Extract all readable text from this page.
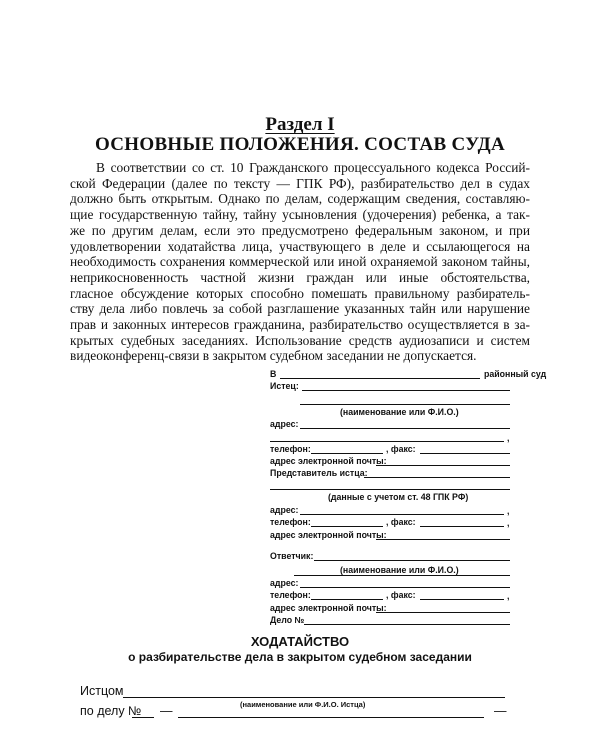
Раздел I
ОСНОВНЫЕ ПОЛОЖЕНИЯ. СОСТАВ СУДА
В соответствии со ст. 10 Гражданского процессуального кодекса Россий-
ской Федерации (далее по тексту — ГПК РФ), разбирательство дел в судах
должно быть открытым. Однако по делам, содержащим сведения, составляю-
щие государственную тайну, тайну усыновления (удочерения) ребенка, а так-
же по другим делам, если это предусмотрено федеральным законом, и при
удовлетворении ходатайства лица, участвующего в деле и ссылающегося на
необходимость сохранения коммерческой или иной охраняемой законом тайны,
неприкосновенность частной жизни граждан или иные обстоятельства,
гласное обсуждение которых способно помешать правильному разбиратель-
ству дела либо повлечь за собой разглашение указанных тайн или нарушение
прав и законных интересов гражданина, разбирательство осуществляется в за-
крытых судебных заседаниях. Использование средств аудиозаписи и систем
видеоконференц-связи в закрытом судебном заседании не допускается.
В	районный суд
Истец:
(наименование или Ф.И.О.)
адрес:
,
телефон:	, факс:
адрес электронной почты:
Представитель истца:
(данные с учетом ст. 48 ГПК РФ)
адрес:	,
телефон:	, факс:	,
адрес электронной почты:
Ответчик:
(наименование или Ф.И.О.)
адрес:
телефон:	, факс:	,
адрес электронной почты:
Дело №
ХОДАТАЙСТВО
о разбирательстве дела в закрытом судебном заседании
Истцом
(наименование или Ф.И.О. Истца)
по делу № —	—
